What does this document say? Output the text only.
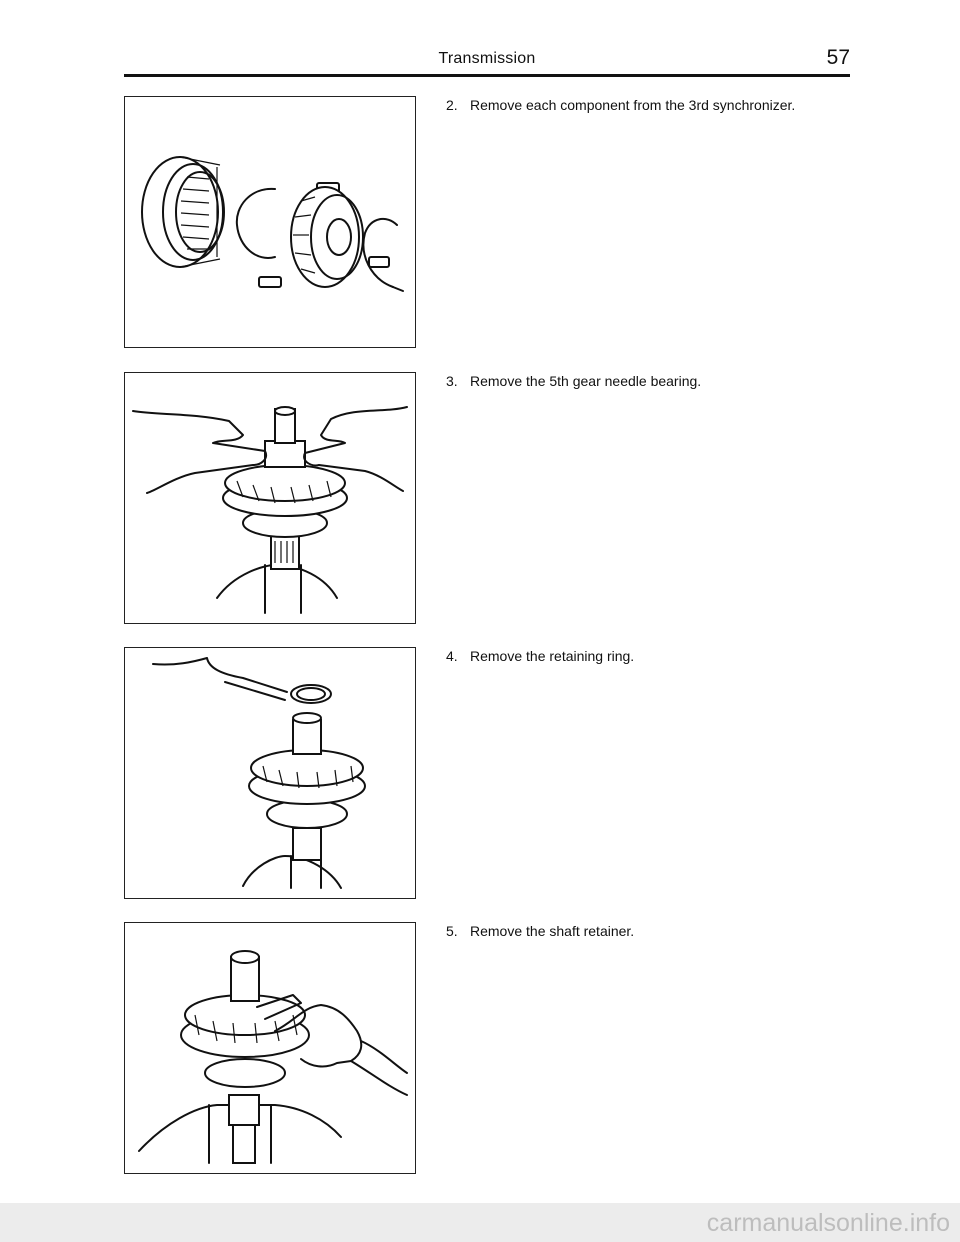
Transmission	57
2. Remove each component from the 3rd synchronizer.
3. Remove the 5th gear needle bearing.
4. Remove the retaining ring.
5. Remove the shaft retainer.
carmanualsonline.info
